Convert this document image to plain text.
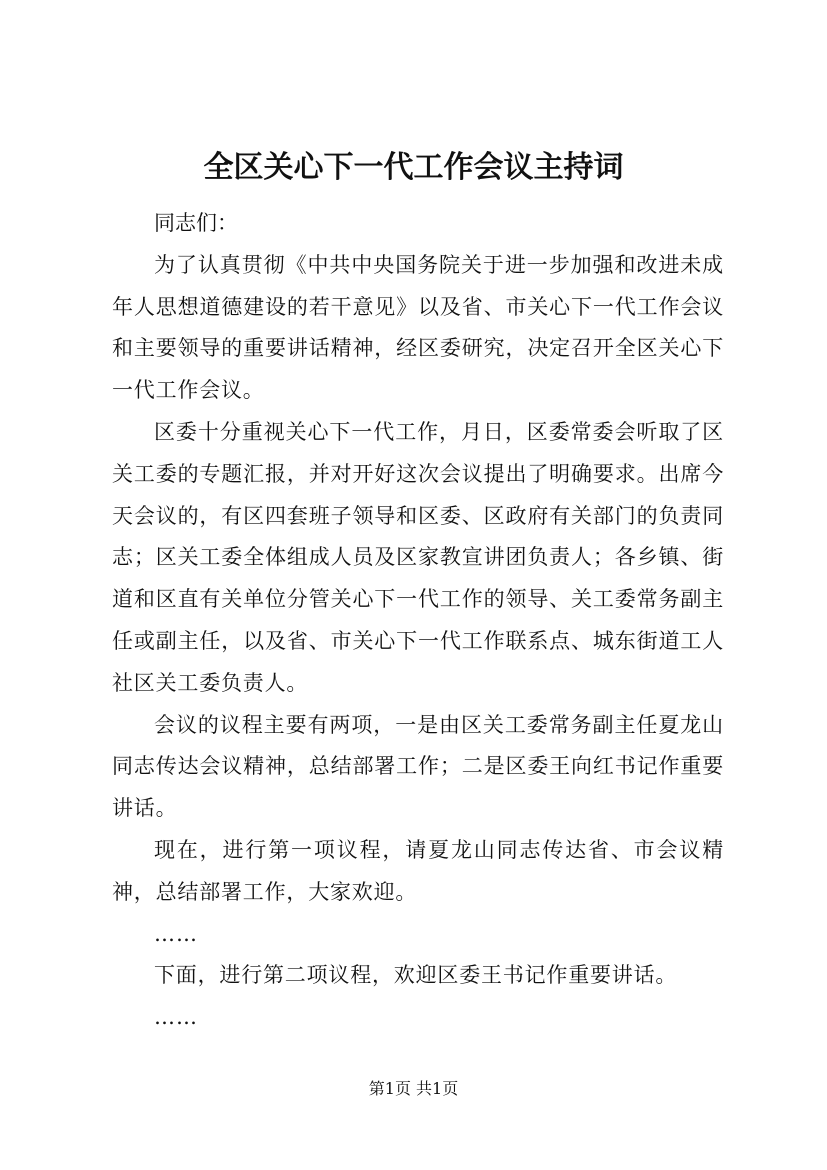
全区关心下一代工作会议主持词

同志们：

为了认真贯彻《中共中央国务院关于进一步加强和改进未成年人思想道德建设的若干意见》以及省、市关心下一代工作会议和主要领导的重要讲话精神，经区委研究，决定召开全区关心下一代工作会议。

区委十分重视关心下一代工作，月日，区委常委会听取了区关工委的专题汇报，并对开好这次会议提出了明确要求。出席今天会议的，有区四套班子领导和区委、区政府有关部门的负责同志；区关工委全体组成人员及区家教宣讲团负责人；各乡镇、街道和区直有关单位分管关心下一代工作的领导、关工委常务副主任或副主任，以及省、市关心下一代工作联系点、城东街道工人社区关工委负责人。

会议的议程主要有两项，一是由区关工委常务副主任夏龙山同志传达会议精神，总结部署工作；二是区委王向红书记作重要讲话。

现在，进行第一项议程，请夏龙山同志传达省、市会议精神，总结部署工作，大家欢迎。

……

下面，进行第二项议程，欢迎区委王书记作重要讲话。

……

第1页 共1页
